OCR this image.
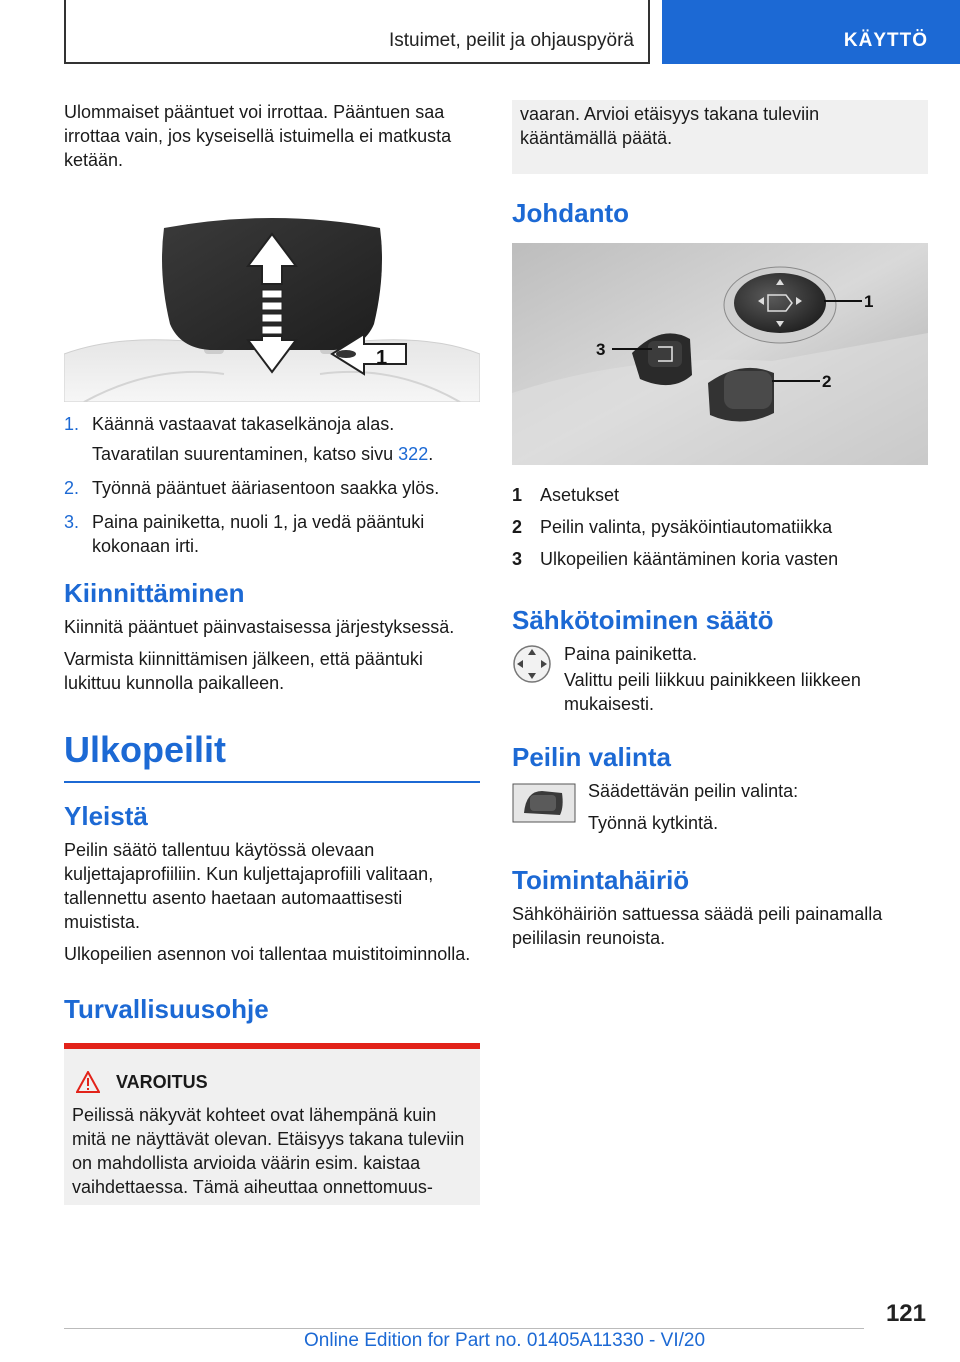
Istuimet, peilit ja ohjauspyörä	KÄYTTÖ

Ulommaiset pääntuet voi irrottaa. Pääntuen saa irrottaa vain, jos kyseisellä istuimella ei matkusta ketään.

1
1. Käännä vastaavat takaselkänoja alas.
Tavaratilan suurentaminen, katso sivu 322.
2. Työnnä pääntuet ääriasentoon saakka ylös.
3. Paina painiketta, nuoli 1, ja vedä pääntuki kokonaan irti.
Kiinnittäminen

Kiinnitä pääntuet päinvastaisessa järjestyksessä.

Varmista kiinnittämisen jälkeen, että pääntuki lukittuu kunnolla paikalleen.

Ulkopeilit
Yleistä

Peilin säätö tallentuu käytössä olevaan kuljettajaprofiiliin. Kun kuljettajaprofiili valitaan, tallennettu asento haetaan automaattisesti muistista.

Ulkopeilien asennon voi tallentaa muistitoiminnolla.

Turvallisuusohje
VAROITUS

Peilissä näkyvät kohteet ovat lähempänä kuin mitä ne näyttävät olevan. Etäisyys takana tuleviin on mahdollista arvioida väärin esim. kaistaa vaihdettaessa. Tämä aiheuttaa onnettomuus-

vaaran. Arvioi etäisyys takana tuleviin kääntämällä päätä.

Johdanto
1
3
2
1	Asetukset
2	Peilin valinta, pysäköintiautomatiikka
3	Ulkopeilien kääntäminen koria vasten
Sähkötoiminen säätö
Paina painiketta.

Valittu peili liikkuu painikkeen liikkeen mukaisesti.

Peilin valinta
Säädettävän peilin valinta:
Työnnä kytkintä.
Toimintahäiriö

Sähköhäiriön sattuessa säädä peili painamalla peililasin reunoista.

121
Online Edition for Part no. 01405A11330 - VI/20
